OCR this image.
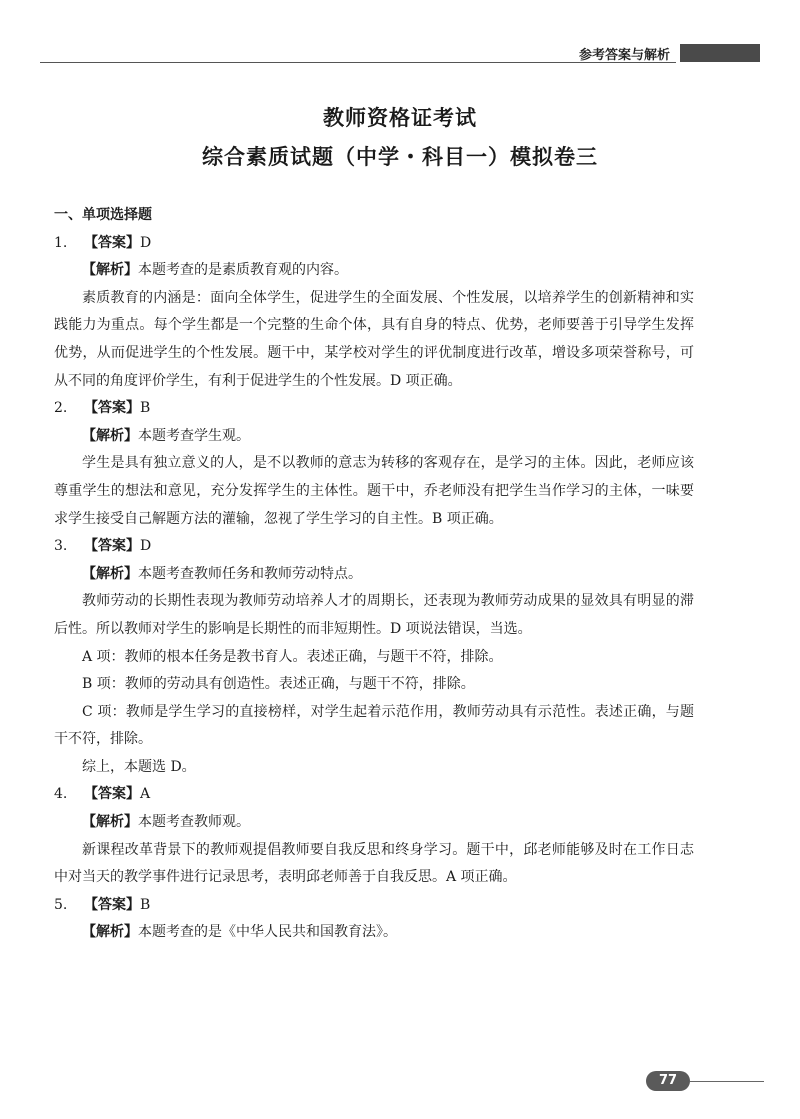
参考答案与解析
教师资格证考试
综合素质试题（中学・科目一）模拟卷三
一、单项选择题
1.	【答案】 D
【解析】本题考查的是素质教育观的内容。
素质教育的内涵是：面向全体学生，促进学生的全面发展、个性发展，以培养学生的创新精神和实践能力为重点。每个学生都是一个完整的生命个体，具有自身的特点、优势，老师要善于引导学生发挥优势，从而促进学生的个性发展。题干中，某学校对学生的评优制度进行改革，增设多项荣誉称号，可从不同的角度评价学生，有利于促进学生的个性发展。D 项正确。
2.	【答案】 B
【解析】本题考查学生观。
学生是具有独立意义的人，是不以教师的意志为转移的客观存在，是学习的主体。因此，老师应该尊重学生的想法和意见，充分发挥学生的主体性。题干中，乔老师没有把学生当作学习的主体，一味要求学生接受自己解题方法的灌输，忽视了学生学习的自主性。B 项正确。
3.	【答案】 D
【解析】本题考查教师任务和教师劳动特点。
教师劳动的长期性表现为教师劳动培养人才的周期长，还表现为教师劳动成果的显效具有明显的滞后性。所以教师对学生的影响是长期性的而非短期性。D 项说法错误，当选。
A 项：教师的根本任务是教书育人。表述正确，与题干不符，排除。
B 项：教师的劳动具有创造性。表述正确，与题干不符，排除。
C 项：教师是学生学习的直接榜样，对学生起着示范作用，教师劳动具有示范性。表述正确，与题干不符，排除。
综上，本题选 D。
4.	【答案】 A
【解析】本题考查教师观。
新课程改革背景下的教师观提倡教师要自我反思和终身学习。题干中，邱老师能够及时在工作日志中对当天的教学事件进行记录思考，表明邱老师善于自我反思。A 项正确。
5.	【答案】 B
【解析】本题考查的是《中华人民共和国教育法》。
77
